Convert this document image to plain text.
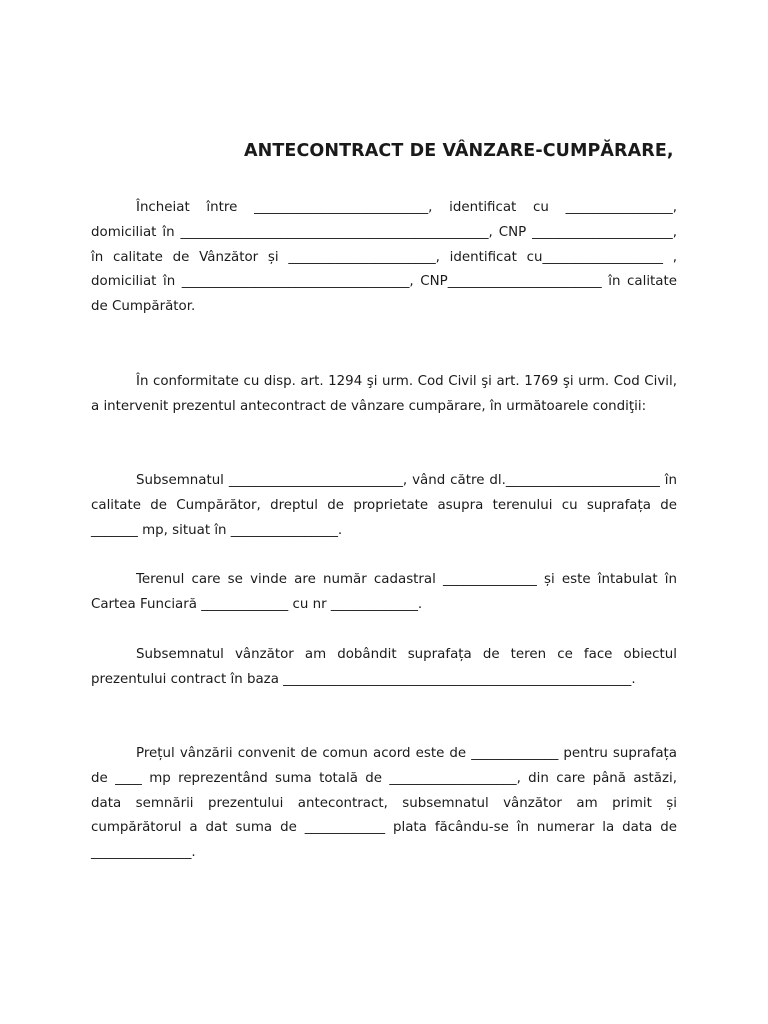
ANTECONTRACT DE VÂNZARE-CUMPĂRARE,

Încheiat între __________________________, identificat cu ________________, domiciliat în ______________________________________________, CNP _____________________, în calitate de Vânzător și ______________________, identificat cu__________________ , domiciliat în __________________________________, CNP_______________________ în calitate de Cumpărător.

În conformitate cu disp. art. 1294 şi urm. Cod Civil şi art. 1769 şi urm. Cod Civil, a intervenit prezentul antecontract de vânzare cumpărare, în următoarele condiţii:

Subsemnatul __________________________, vând către dl._______________________ în calitate de Cumpărător, dreptul de proprietate asupra terenului cu suprafața de _______ mp, situat în ________________.

Terenul care se vinde are număr cadastral ______________ și este întabulat în Cartea Funciară _____________ cu nr _____________.

Subsemnatul vânzător am dobândit suprafața de teren ce face obiectul prezentului contract în baza ____________________________________________________.

Prețul vânzării convenit de comun acord este de _____________ pentru suprafața de ____ mp reprezentând suma totală de ___________________, din care până astăzi, data semnării prezentului antecontract, subsemnatul vânzător am primit și cumpărătorul a dat suma de ____________ plata făcându-se în numerar la data de _______________.
